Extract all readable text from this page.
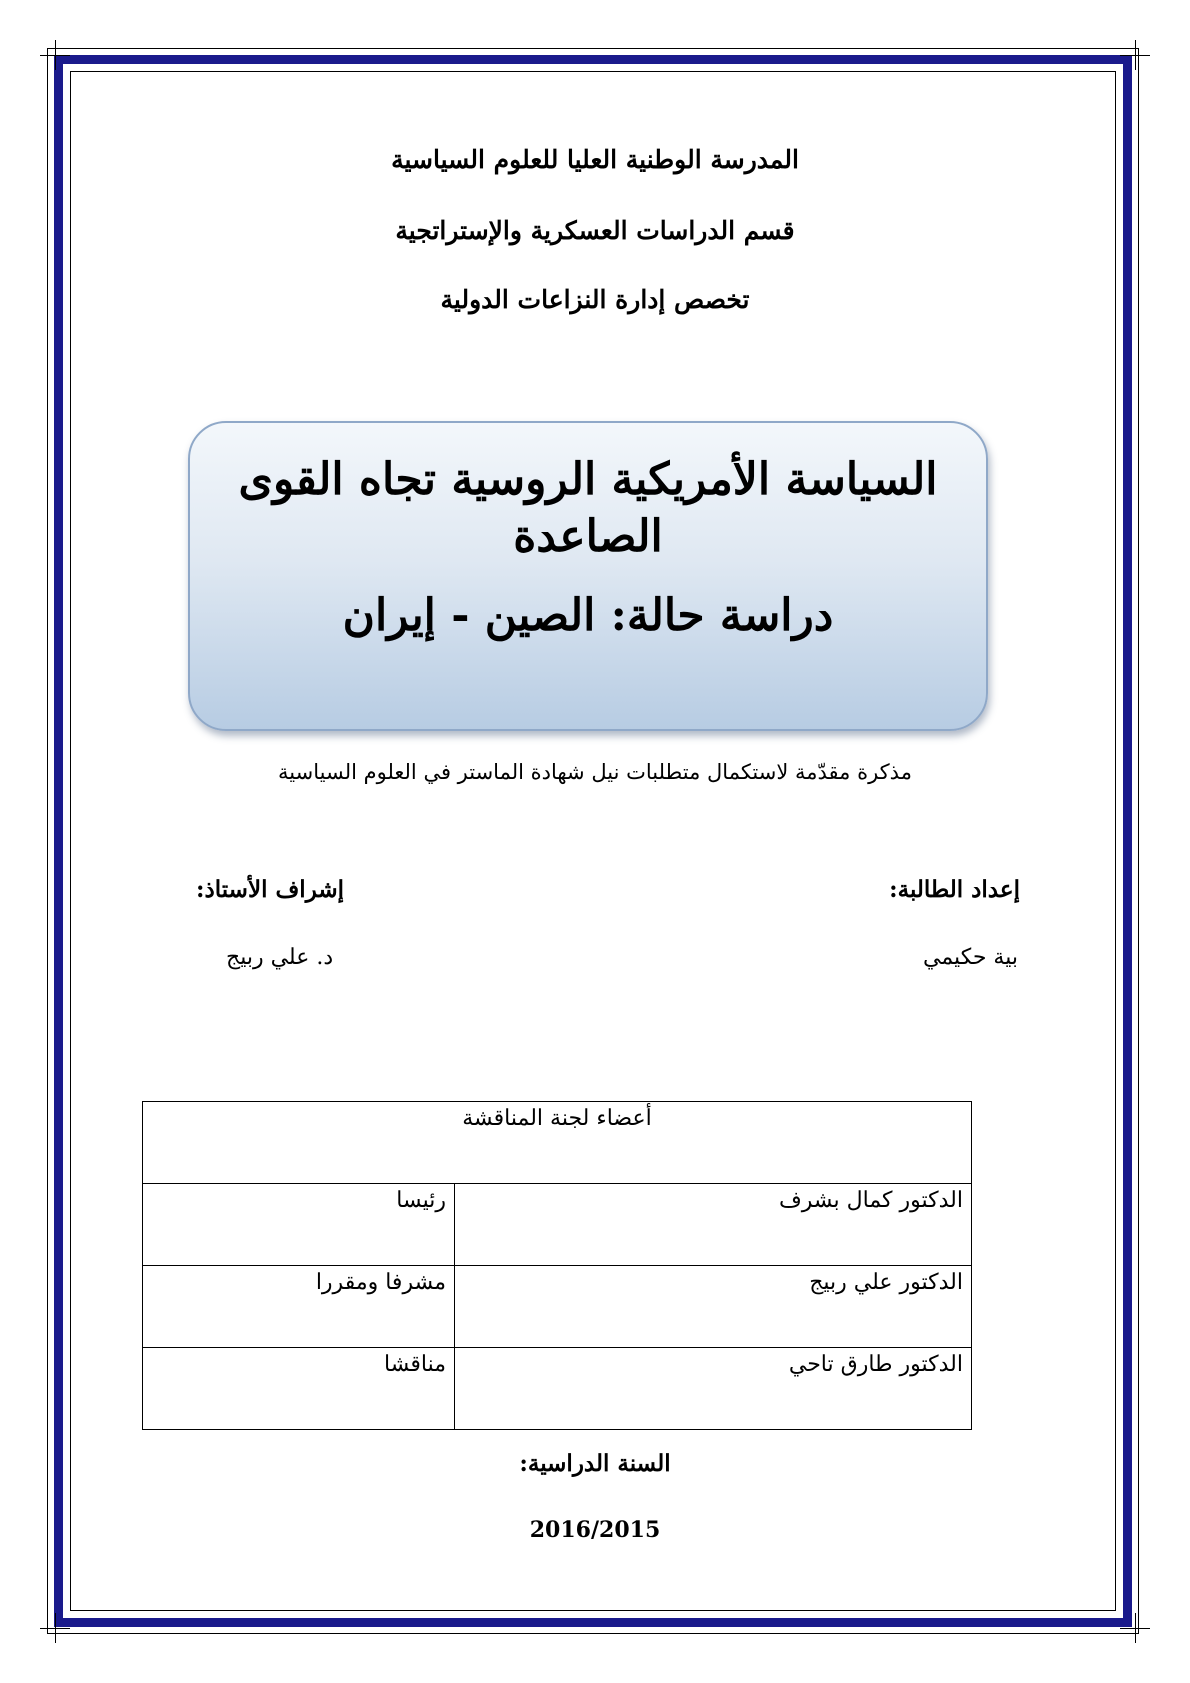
المدرسة الوطنية العليا للعلوم السياسية
قسم الدراسات العسكرية والإستراتجية
تخصص إدارة النزاعات الدولية
السياسة الأمريكية الروسية تجاه القوى
الصاعدة
دراسة حالة: الصين - إيران
مذكرة مقدّمة لاستكمال متطلبات نيل شهادة الماستر في العلوم السياسية
إعداد الطالبة:
بية حكيمي
إشراف الأستاذ:
د. علي ربيج
أعضاء لجنة المناقشة	
الدكتور كمال بشرف	رئيسا
الدكتور علي ربيج	مشرفا ومقررا
الدكتور طارق تاحي	مناقشا
السنة الدراسية:
2016/2015
